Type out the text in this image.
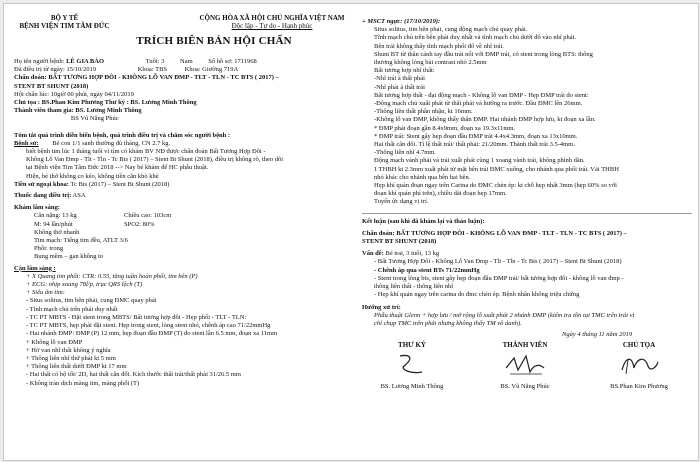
BỘ Y TẾ
BỆNH VIỆN TIM TÂM ĐỨC
CỘNG HÒA XÃ HỘI CHỦ NGHĨA VIỆT NAM
Độc lập - Tự do - Hạnh phúc
TRÍCH BIÊN BẢN HỘI CHẨN
Họ tên người bệnh: LÊ GIA BẢO	Tuổi: 3 Nam Số hồ sơ: 1711968
Đã điều trị từ ngày: 15/10/2019	Khoa: TBS	Khoa: Giường 719A
Chẩn đoán: BẤT TƯƠNG HỢP ĐÔI - KHÔNG LỖ VAN ĐMP - TLT - TLN - TC BTS ( 2017) –
STENT BT SHUNT (2018)
Hội chẩn lúc: 10giờ 00 phút, ngày 04/11/2019
Chủ tọa : BS.Phan Kim Phương Thư ký : BS. Lương Minh Thông
Thành viên tham gia: BS. Lương Minh Thông
BS Vũ Năng Phúc
Tóm tắt quá trình diễn biến bệnh, quá trình điều trị và chăm sóc người bệnh :
Bệnh sử: Bé con 1/1 sanh thường đủ tháng, CN 2.7 kg.
biết bệnh tim lúc 1 tháng tuổi vì tím có khám BV NĐ được chẩn đoán Bất Tương Hợp Đôi -
Không Lỗ Van Đmp - Tlt - Tln - Tc Bts ( 2017) – Stent Bt Shunt (2018), điều trị không rõ, theo dõi
tại Bệnh viện Tim Tâm Đức 2018 --> Nay bé khám để HC phẫu thuật.
Hiện, bé thở không co kéo, không tiền căn khò khè
Tiền sử ngoại khoa: Tc Bts (2017) – Stent Bt Shunt (2018)
Thuốc đang điều trị: ASA
Khám lâm sàng:
Cân nặng: 13 kg	Chiều cao: 103cm
M: 94 lần/phút	SPO2: 80%
Không thở nhanh
Tim mạch: Tiếng tim đều, ATLT 3/6
Phổi: trong
Bụng mềm – gan không to
Cận lâm sàng :
+ X Quang tim phổi: CTR: 0.55, tăng tuần hoàn phổi, tim bên (P)
+ ECG: nhịp xoang 78l/p, trục QRS lệch (T)
+ Siêu âm tim:
- Situs solitus, tim bên phải, cung ĐMC quay phải
- Tĩnh mạch chủ trên phải duy nhất
- TC PT MBTS - Đặt stent trong MBTS/ Bất tương hợp đôi - Hẹp phổi - TLT - TLN:
- TC PT MBTS, hẹp phải đặt stent. Hẹp trong stent, lòng stent nhỏ, chênh áp cao 71/22mmHg
- Hai nhánh ĐMP: ĐMP (P) 12 mm, hẹp đoạn đầu ĐMP (T) đo stent lần 6.5 mm, đoạn xa 11mm
+ Không lỗ van ĐMP
+ Hở van nhĩ thất không ý nghĩa
+ Thông liên nhĩ thứ phát kt 5 mm
+ Thông liên thất dưới ĐMP kt 17 mm
- Hai thất có bộ tốt/ 2D, hai thất cân đối. Kích thước thất trái/thất phải 31/26.5 mm
- Không tràn dịch màng tim, màng phổi (T)
+ MSCT ngực: (17/10/2019):
Situs solitus, tim bên phải, cung động mạch chủ quay phải.
Tĩnh mạch chủ trên bên phải duy nhất và tĩnh mạch chủ dưới đổ vào nhĩ phải.
Bên trái không thấy tĩnh mạch phổi đổ về nhĩ trái.
Shunt BT từ thân cánh tay đầu trái nối với ĐMP trái, có stent trong lòng BTS: thông
thương không lòng bài contrast nhỏ 2.5mm
Bất tương hợp nhĩ thất:
-Nhĩ trái à thất phải
-Nhĩ phải à thất trái
Bất tương hợp thất - đại động mạch - Không lỗ van ĐMP - Hẹp ĐMP trái do stent:
-Động mạch chủ xuất phát từ thất phải và hướng ra trước. Đầu ĐMC lên 26mm.
-Thông liên thất phần nhận, kt 16mm.
-Không lỗ van ĐMP, không thấy thân ĐMP. Hai nhánh ĐMP hợp lưu, kt đoạn xa lần.
* ĐMP phải đoạn gần 8.4x9mm, đoạn xa 19.3x11mm.
* ĐMP trái: Stent gây hẹp đoạn đầu ĐMP trái 4.4x4.3mm, đoạn xa 13x10mm.
Hai thất cân đối. Tỉ lệ thất trái/ thất phải: 21/20mm. Thành thất trái 3.5-4mm.
-Thông liên nhĩ 4.7mm.
Động mạch vành phải và trái xuất phát cùng 1 xoang vành trái, không phình dãn.
1 THBH kt 2.3mm xuất phát từ mặt bên trái ĐMC xuống, cho nhánh qua phổi trái. Vài THBH
nhỏ khác cho nhánh qua bên hai bên.
Hẹp khí quản đoạn ngay trên Carina do ĐMC chèn ép: kt chỗ hẹp nhất 3mm (hẹp 60% so với
đoạn khí quản phí trên), chiều dài đoạn hẹp 17mm.
Tuyến ức dạng vị trí.
Kết luận (sau khi đã khám lại và thảo luận):
Chẩn đoán: BẤT TƯƠNG HỢP ĐÔI - KHÔNG LỖ VAN ĐMP - TLT - TLN - TC BTS ( 2017) –
STENT BT SHUNT (2018)
Vấn đề: Bé trai, 3 tuổi, 13 kg
- Bất Tương Hợp Đôi - Không Lỗ Van Đmp - Tlt - Tln - Tc Bts ( 2017) – Stent Bt Shunt (2018)
- Chênh áp qua stent BTs 71/22mmHg
- Stent trong lòng bts, stent gây hẹp đoạn đầu ĐMP trái/ bất tương hợp đôi - không lỗ van đmp -
thông liên thất - thông liên nhĩ
- Hẹp khí quản ngay trên carina do đmc chèn ép. Bệnh nhân không triệu chứng
Hướng xử trí:
Phẫu thuật Glenn + hợp lưu / mở rộng lỗ xuất phát 2 nhánh ĐMP (kiểm tra tồn tại TMC trên trái vì
chỉ chụp TMC trên phải nhưng không thấy TM vô danh).
Ngày 4 tháng 11 năm 2019
THƯ KÝ
BS. Lương Minh Thông
THÀNH VIÊN
BS. Vũ Năng Phúc
CHỦ TỌA
BS.Phan Kim Phương
